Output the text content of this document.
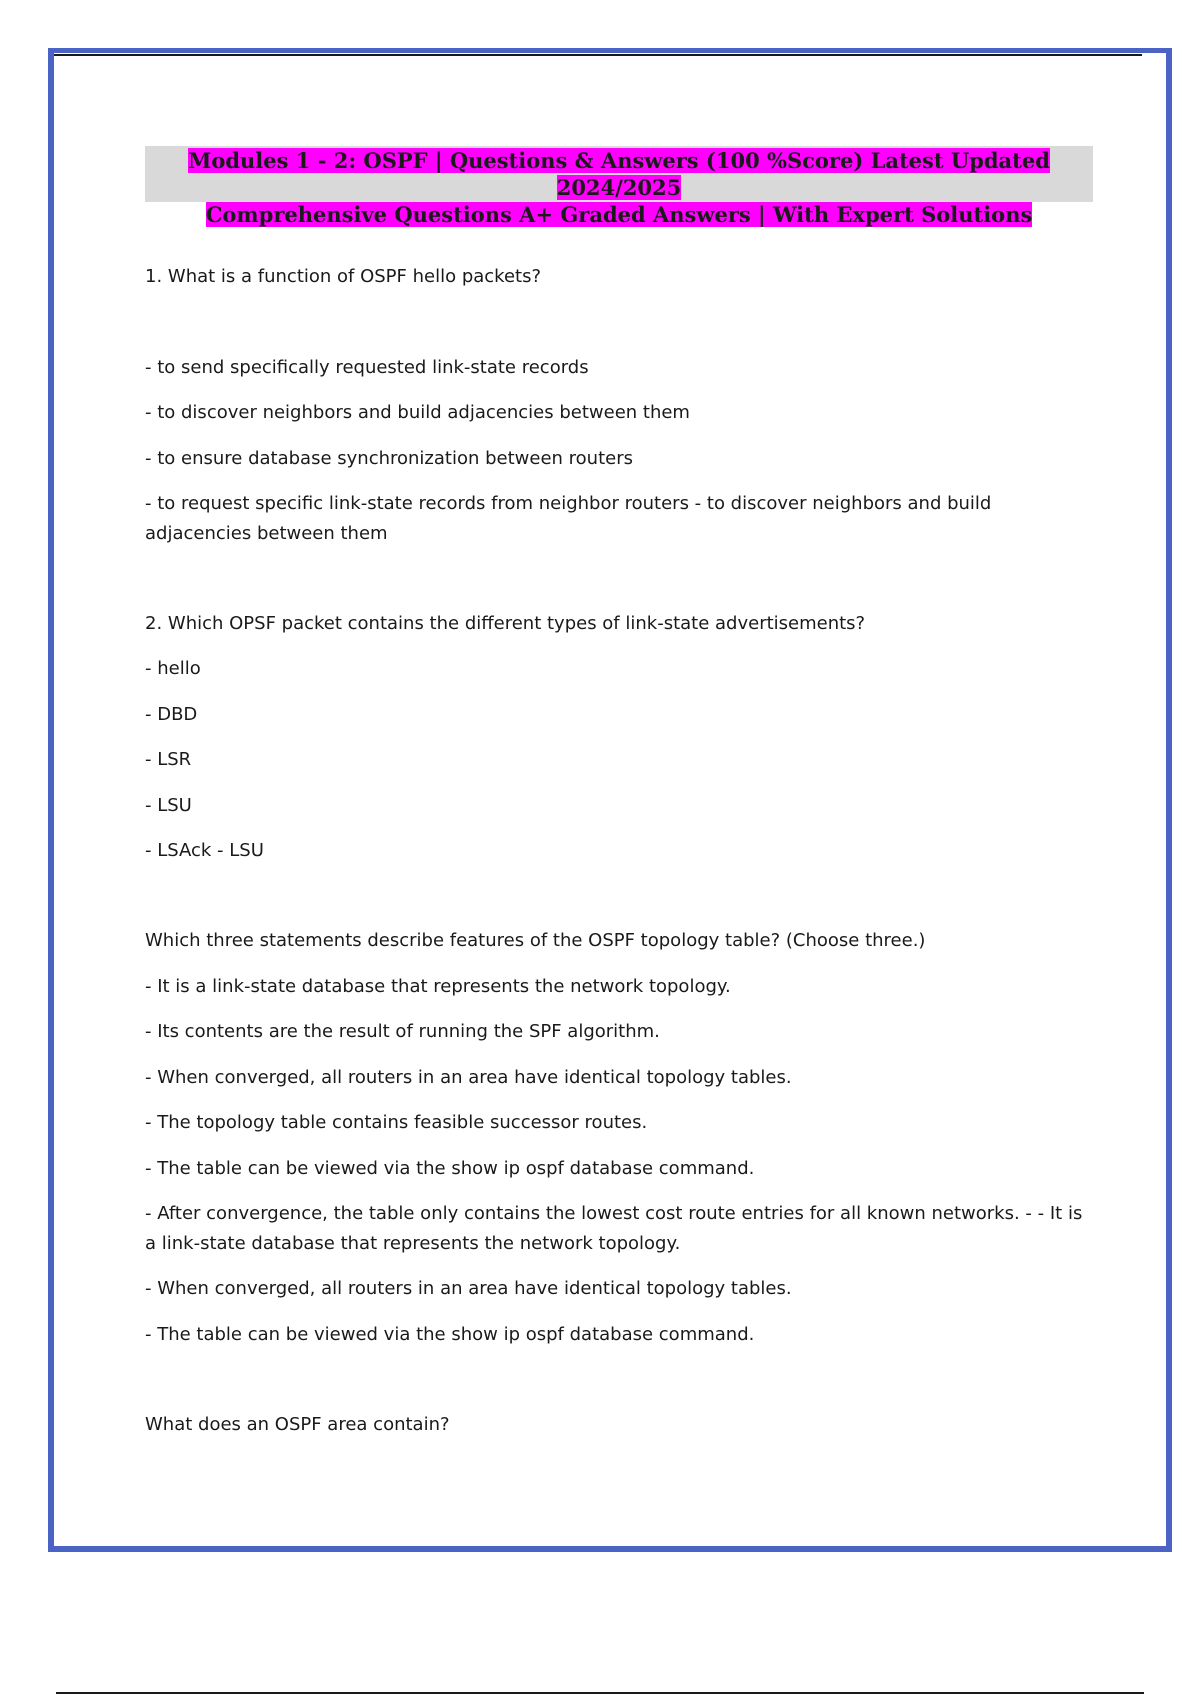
Modules 1 - 2: OSPF | Questions & Answers (100 %Score) Latest Updated 2024/2025
Comprehensive Questions A+ Graded Answers | With Expert Solutions
1. What is a function of OSPF hello packets?
- to send specifically requested link-state records
- to discover neighbors and build adjacencies between them
- to ensure database synchronization between routers
- to request specific link-state records from neighbor routers - to discover neighbors and build adjacencies between them
2. Which OPSF packet contains the different types of link-state advertisements?
- hello
- DBD
- LSR
- LSU
- LSAck - LSU
Which three statements describe features of the OSPF topology table? (Choose three.)
- It is a link-state database that represents the network topology.
- Its contents are the result of running the SPF algorithm.
- When converged, all routers in an area have identical topology tables.
- The topology table contains feasible successor routes.
- The table can be viewed via the show ip ospf database command.
- After convergence, the table only contains the lowest cost route entries for all known networks. - - It is a link-state database that represents the network topology.
- When converged, all routers in an area have identical topology tables.
- The table can be viewed via the show ip ospf database command.
What does an OSPF area contain?
